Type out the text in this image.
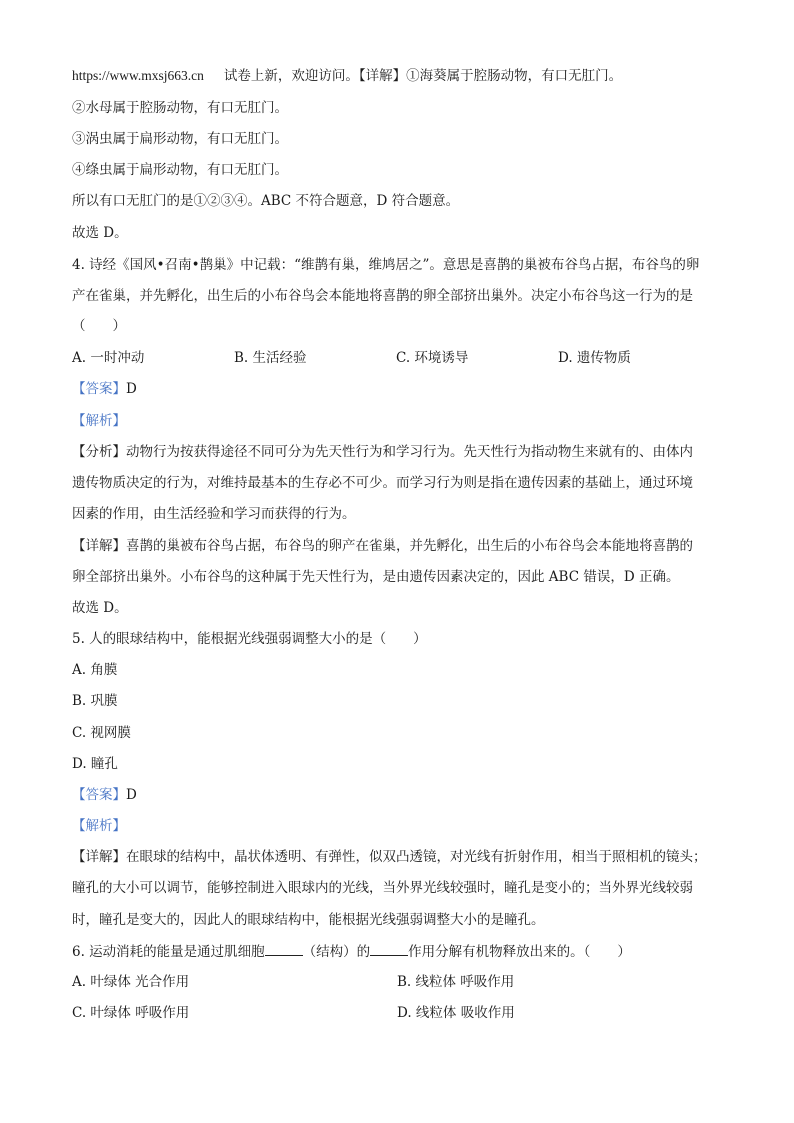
https://www.mxsj663.cn 试卷上新，欢迎访问。【详解】①海葵属于腔肠动物，有口无肛门。
②水母属于腔肠动物，有口无肛门。
③涡虫属于扁形动物，有口无肛门。
④绦虫属于扁形动物，有口无肛门。
所以有口无肛门的是①②③④。ABC 不符合题意，D 符合题意。
故选 D。
4. 诗经《国风•召南•鹊巢》中记载：“维鹊有巢，维鸠居之”。意思是喜鹊的巢被布谷鸟占据，布谷鸟的卵
产在雀巢，并先孵化，出生后的小布谷鸟会本能地将喜鹊的卵全部挤出巢外。决定小布谷鸟这一行为的是
（　　）
A. 一时冲动	B. 生活经验	C. 环境诱导	D. 遗传物质
【答案】D
【解析】
【分析】动物行为按获得途径不同可分为先天性行为和学习行为。先天性行为指动物生来就有的、由体内
遗传物质决定的行为，对维持最基本的生存必不可少。而学习行为则是指在遗传因素的基础上，通过环境
因素的作用，由生活经验和学习而获得的行为。
【详解】喜鹊的巢被布谷鸟占据，布谷鸟的卵产在雀巢，并先孵化，出生后的小布谷鸟会本能地将喜鹊的
卵全部挤出巢外。小布谷鸟的这种属于先天性行为，是由遗传因素决定的，因此 ABC 错误，D 正确。
故选 D。
5. 人的眼球结构中，能根据光线强弱调整大小的是（　　）
A. 角膜
B. 巩膜
C. 视网膜
D. 瞳孔
【答案】D
【解析】
【详解】在眼球的结构中，晶状体透明、有弹性，似双凸透镜，对光线有折射作用，相当于照相机的镜头；
瞳孔的大小可以调节，能够控制进入眼球内的光线，当外界光线较强时，瞳孔是变小的；当外界光线较弱
时，瞳孔是变大的，因此人的眼球结构中，能根据光线强弱调整大小的是瞳孔。
6. 运动消耗的能量是通过肌细胞	（结构）的	作用分解有机物释放出来的。（　　）
A. 叶绿体 光合作用	B. 线粒体 呼吸作用
C. 叶绿体 呼吸作用	D. 线粒体 吸收作用
